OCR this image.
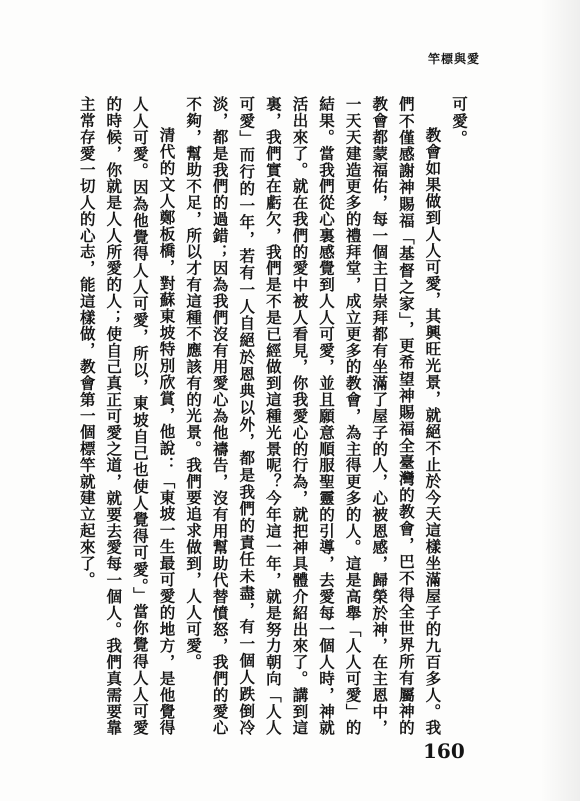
竿標與愛

可愛。

教會如果做到人人可愛，其興旺光景，就絕不止於今天這樣坐滿屋子的九百多人。我們不僅感謝神賜福「基督之家」，更希望神賜福全臺灣的教會，巴不得全世界所有屬神的教會都蒙福佑，每一個主日崇拜都有坐滿了屋子的人，心被恩感，歸榮於神，在主恩中，一天天建造更多的禮拜堂，成立更多的教會，為主得更多的人。這是高舉「人人可愛」的結果。當我們從心裏感覺到人人可愛，並且願意順服聖靈的引導，去愛每一個人時，神就活出來了。就在我們的愛中被人看見，你我愛心的行為，就把神具體介紹出來了。講到這裏，我們實在虧欠，我們是不是已經做到這種光景呢？今年這一年，就是努力朝向「人人可愛」而行的一年，若有一人自絕於恩典以外，都是我們的責任未盡，有一個人跌倒冷淡，都是我們的過錯；因為我們沒有用愛心為他禱告，沒有用幫助代替憤怒，我們的愛心不夠，幫助不足，所以才有這種不應該有的光景。我們要追求做到，人人可愛。

清代的文人鄭板橋，對蘇東坡特別欣賞，他說：「東坡一生最可愛的地方，是他覺得人人可愛。因為他覺得人人可愛，所以，東坡自己也使人覺得可愛。」當你覺得人人可愛的時候，你就是人人所愛的人；使自己真正可愛之道，就要去愛每一個人。我們真需要靠主常存愛一切人的心志，能這樣做，教會第一個標竿就建立起來了。

160
